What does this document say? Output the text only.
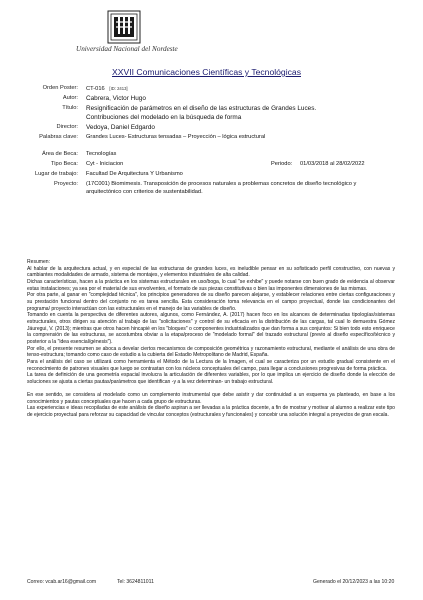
Universidad Nacional del Nordeste
XXVII Comunicaciones Científicas y Tecnológicas
Orden Poster: CT-016 [ID: 2413]
Autor: Cabrera, Victor Hugo
Título: Resignificación de parámetros en el diseño de las estructuras de Grandes Luces.
Contribuciones del modelado en la búsqueda de forma
Director: Vedoya, Daniel Edgardo
Palabras clave: Grandes Luces- Estructuras tensadas – Proyección – lógica estructural
Área de Beca: Tecnologías
Tipo Beca: Cyt - Iniciacion	Periodo: 01/03/2018 al 28/02/2022
Lugar de trabajo: Facultad De Arquitectura Y Urbanismo
Proyecto: (17C001) Biomimesis. Transposición de procesos naturales a problemas concretos de diseño tecnológico y
arquitectónico con criterios de sustentabilidad.

Resumen:

Al hablar de la arquitectura actual, y en especial de las estructuras de grandes luces, es ineludible pensar en su sofisticado perfil constructivo, con nuevas y cambiantes modalidades de armado, sistema de montajes, y elementos industriales de alta calidad.

Dichas características, hacen a la práctica en los sistemas estructurales en uso/boga, lo cual "se exhibe" y puede notarse con buen grado de evidencia al observar estas instalaciones; ya sea por el material de sus envolventes, el formato de sus piezas constitutivas o bien las imponentes dimensiones de las mismas.

Por otra parte, al ganar en "complejidad técnica", los principios generadores de su diseño parecen alejarse, y establecer relaciones entre ciertas configuraciones y su prestación funcional dentro del conjunto no es tarea sencilla. Esta consideración toma relevancia en el campo proyectual, donde las condicionantes del programa/ proyecto interactúan con las estructurales en el manejo de las variables de diseño.

Tomando en cuenta la perspectiva de diferentes autores, algunos, como Fernández, A. (2017) hacen foco en los alcances de determinadas tipologías/sistemas estructurales, otros dirigen su atención al trabajo de las "solicitaciones" y control de su eficacia en la distribución de las cargas, tal cual lo demuestra Gómez Jáuregui, V. (2013); mientras que otros hacen hincapié en los "bloques" o componentes industrializados que dan forma a sus conjuntos: Si bien todo esto enriquece la comprensión de las estructuras, se acostumbra obviar a la etapa/proceso de "modelado formal" del trazado estructural (previo al diseño específico/técnico y posterior a la "idea esencial/génesis").

Por ello, el presente resumen se aboca a develar ciertos mecanismos de composición geométrica y razonamiento estructural, mediante el análisis de una obra de tenso-estructura; tomando como caso de estudio a la cubierta del Estadio Metropolitano de Madrid, España.

Para el análisis del caso se utilizará como herramienta el Método de la Lectura de la Imagen, el cual se caracteriza por un estudio gradual consistente en el reconocimiento de patrones visuales que luego se contrastan con los núcleos conceptuales del campo, para llegar a conclusiones progresivas de forma práctica.

La tarea de definición de una geometría espacial involucra la articulación de diferentes variables, por lo que implica un ejercicio de diseño donde la elección de soluciones se ajusta a ciertas pautas/parámetros que identifican -y a la vez determinan- un trabajo estructural.

En ese sentido, se considera al modelado como un complemento instrumental que debe asistir y dar continuidad a un esquema ya planteado, en base a los conocimientos y pautas conceptuales que hacen a cada grupo de estructuras.

Las experiencias e ideas recopiladas de este análisis de diseño aspiran a ser llevadas a la práctica docente, a fin de mostrar y motivar al alumno a realizar este tipo de ejercicio proyectual para reforzar su capacidad de vincular conceptos (estructurales y funcionales) y concebir una solución integral a proyectos de gran escala.

Correo: vcab.ar16@gmail.com	Tel: 3624811011	Generado el 20/12/2023 a las 10:20
